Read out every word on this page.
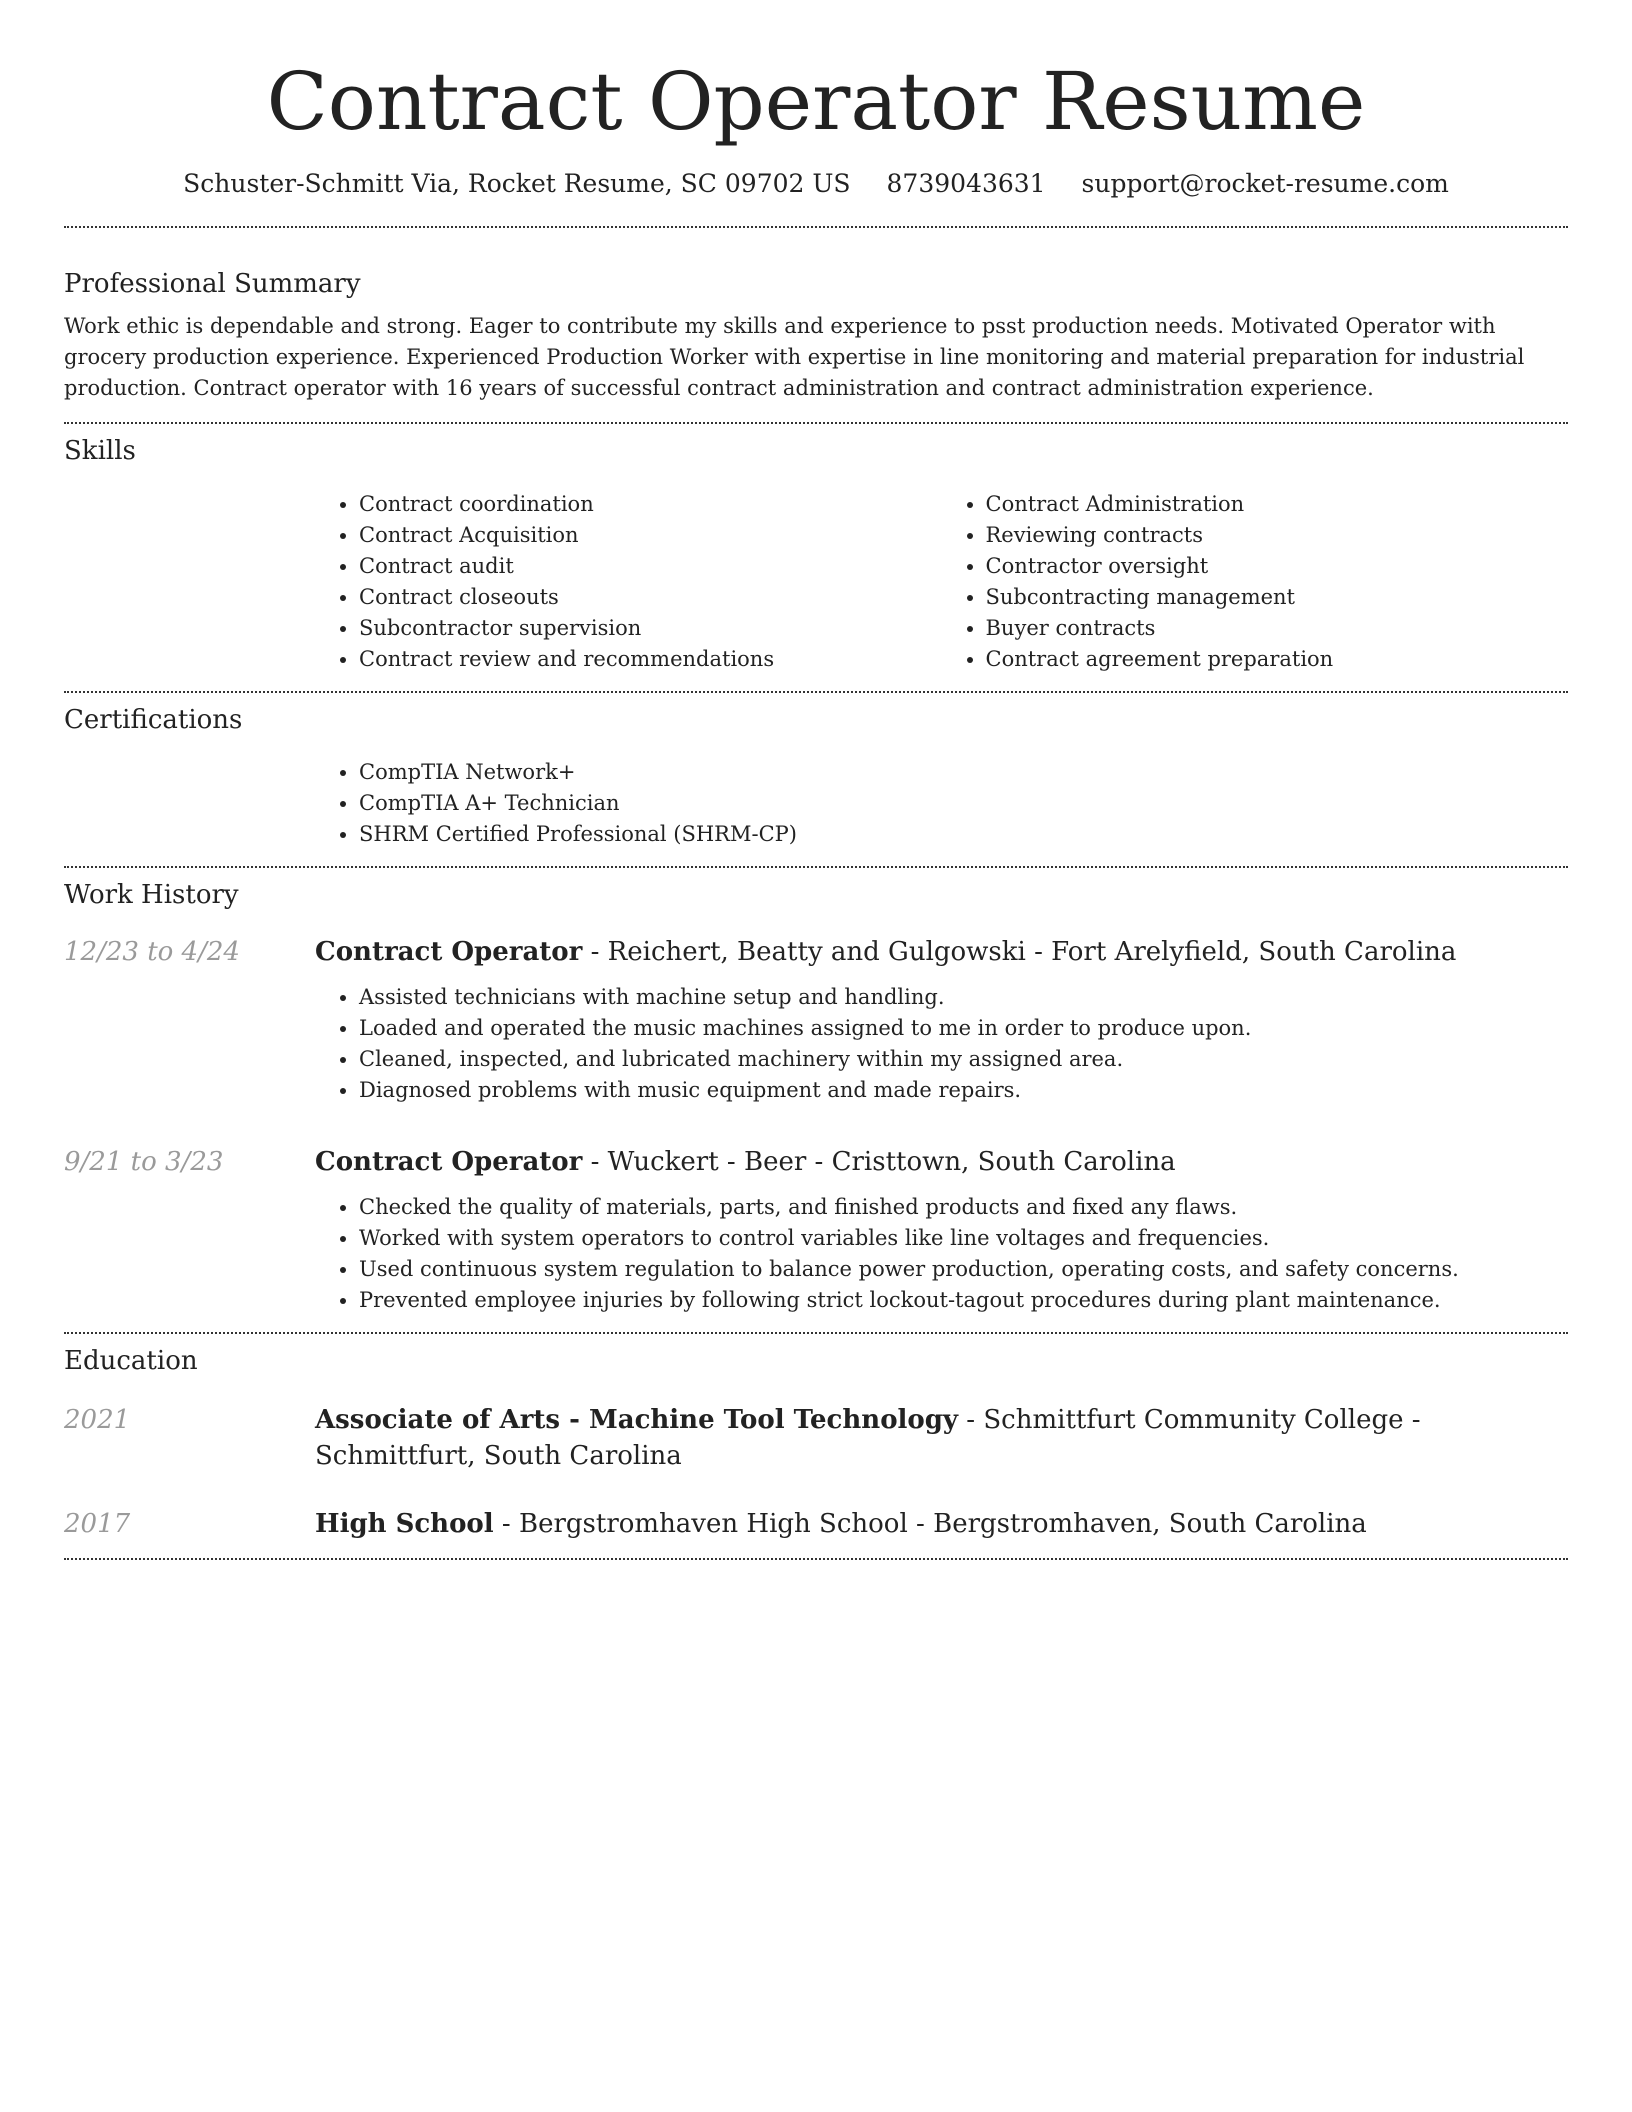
Contract Operator Resume
Schuster-Schmitt Via, Rocket Resume, SC 09702 US 8739043631 support@rocket-resume.com
Professional Summary

Work ethic is dependable and strong. Eager to contribute my skills and experience to psst production needs. Motivated Operator with grocery production experience. Experienced Production Worker with expertise in line monitoring and material preparation for industrial production. Contract operator with 16 years of successful contract administration and contract administration experience.

Skills
• Contract coordination
• Contract Acquisition
• Contract audit
• Contract closeouts
• Subcontractor supervision
• Contract review and recommendations
• Contract Administration
• Reviewing contracts
• Contractor oversight
• Subcontracting management
• Buyer contracts
• Contract agreement preparation
Certifications
• CompTIA Network+
• CompTIA A+ Technician
• SHRM Certified Professional (SHRM-CP)
Work History
12/23 to 4/24	Contract Operator - Reichert, Beatty and Gulgowski - Fort Arelyfield, South Carolina

• Assisted technicians with machine setup and handling.
• Loaded and operated the music machines assigned to me in order to produce upon.
• Cleaned, inspected, and lubricated machinery within my assigned area.
• Diagnosed problems with music equipment and made repairs.
9/21 to 3/23	Contract Operator - Wuckert - Beer - Cristtown, South Carolina

• Checked the quality of materials, parts, and finished products and fixed any flaws.
• Worked with system operators to control variables like line voltages and frequencies.
• Used continuous system regulation to balance power production, operating costs, and safety concerns.
• Prevented employee injuries by following strict lockout-tagout procedures during plant maintenance.
Education
2021	Associate of Arts - Machine Tool Technology - Schmittfurt Community College - Schmittfurt, South Carolina

2017	High School - Bergstromhaven High School - Bergstromhaven, South Carolina
